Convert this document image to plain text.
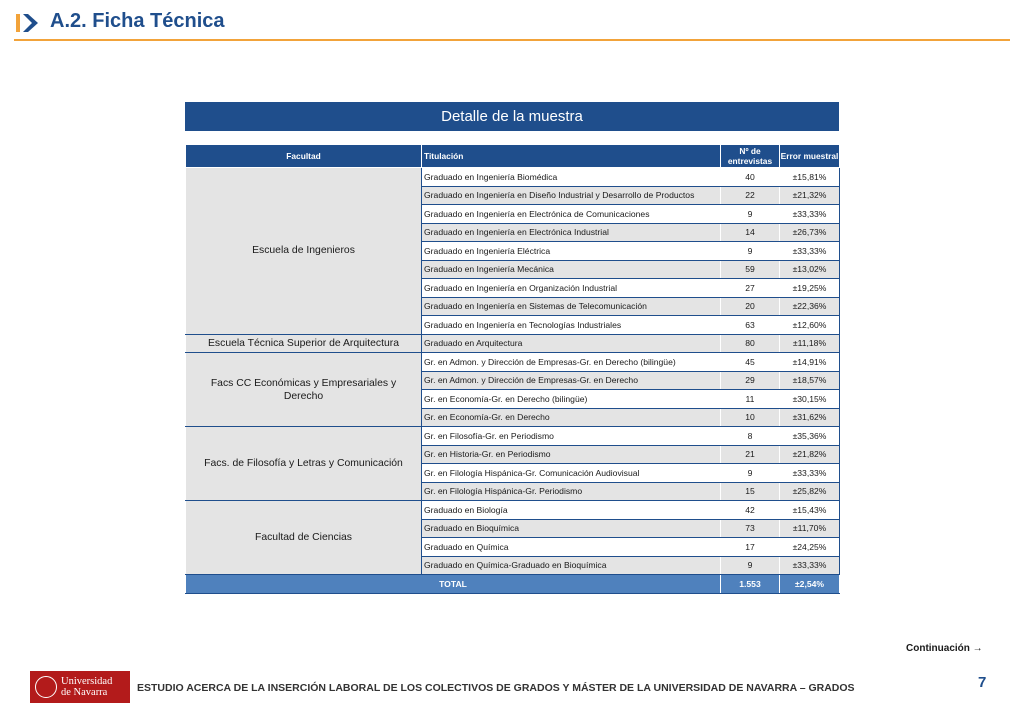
A.2. Ficha Técnica
Detalle de la muestra
Facultad	Titulación	Nº de entrevistas	Error muestral
Escuela de Ingenieros	Graduado en Ingeniería Biomédica	40	±15,81%
	Graduado en Ingeniería en Diseño Industrial y Desarrollo de Productos	22	±21,32%
	Graduado en Ingeniería en Electrónica de Comunicaciones	9	±33,33%
	Graduado en Ingeniería en Electrónica Industrial	14	±26,73%
	Graduado en Ingeniería Eléctrica	9	±33,33%
	Graduado en Ingeniería Mecánica	59	±13,02%
	Graduado en Ingeniería en Organización Industrial	27	±19,25%
	Graduado en Ingeniería en Sistemas de Telecomunicación	20	±22,36%
	Graduado en Ingeniería en Tecnologías Industriales	63	±12,60%
Escuela Técnica Superior de Arquitectura	Graduado en Arquitectura	80	±11,18%
Facs CC Económicas y Empresariales y Derecho	Gr. en Admon. y Dirección de Empresas-Gr. en Derecho (bilingüe)	45	±14,91%
	Gr. en Admon. y Dirección de Empresas-Gr. en Derecho	29	±18,57%
	Gr. en Economía-Gr. en Derecho (bilingüe)	11	±30,15%
	Gr. en Economía-Gr. en Derecho	10	±31,62%
Facs. de Filosofía y Letras y Comunicación	Gr. en Filosofía-Gr. en Periodismo	8	±35,36%
	Gr. en Historia-Gr. en Periodismo	21	±21,82%
	Gr. en Filología Hispánica-Gr. Comunicación Audiovisual	9	±33,33%
	Gr. en Filología Hispánica-Gr. Periodismo	15	±25,82%
Facultad de Ciencias	Graduado en Biología	42	±15,43%
	Graduado en Bioquímica	73	±11,70%
	Graduado en Química	17	±24,25%
	Graduado en Química-Graduado en Bioquímica	9	±33,33%
TOTAL		1.553	±2,54%
Continuación →
Universidad
de Navarra	ESTUDIO ACERCA DE LA INSERCIÓN LABORAL DE LOS COLECTIVOS DE GRADOS Y MÁSTER DE LA UNIVERSIDAD DE NAVARRA – GRADOS	7
